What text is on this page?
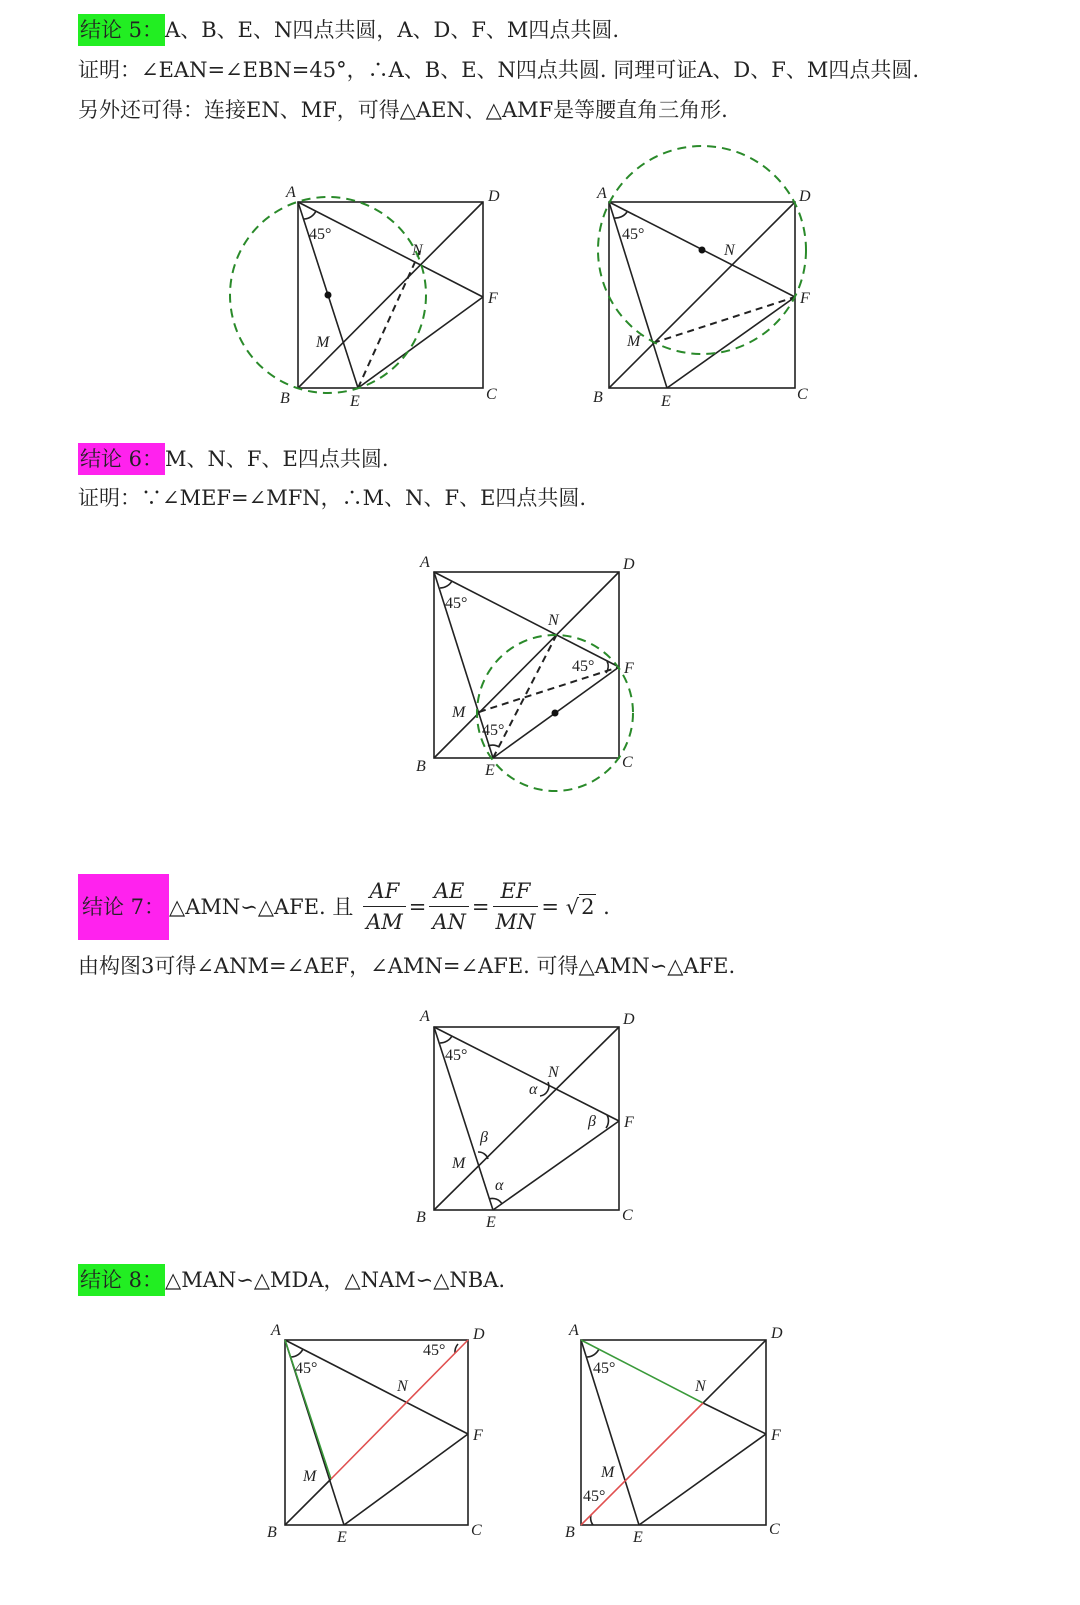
结论 5：A、B、E、N四点共圆，A、D、F、M四点共圆.
证明：∠EAN=∠EBN=45°，∴A、B、E、N四点共圆. 同理可证A、D、F、M四点共圆.
另外还可得：连接EN、MF，可得△AEN、△AMF是等腰直角三角形.
A	D
B	C
E
F
N
M
45°
A	D
B	C
E
F
N
M
45°
结论 6：M、N、F、E四点共圆.
证明：∵∠MEF=∠MFN，∴M、N、F、E四点共圆.
A	D
B	C
E
F
N
M
45°
45°
45°
结论 7： △AMN∽△AFE. 且 $\frac{AF}{AM} = \frac{AE}{AN} = \frac{EF}{MN} = √2$ .
由构图3可得∠ANM=∠AEF，∠AMN=∠AFE. 可得△AMN∽△AFE.
A	D
B	C
E
F
N
M
45°
α
β
β
α
结论 8：△MAN∽△MDA，△NAM∽△NBA.
A	D
B	C
E
F
N
M
45°
45°
A	D
B	C
E
F
N
M
45°
45°
